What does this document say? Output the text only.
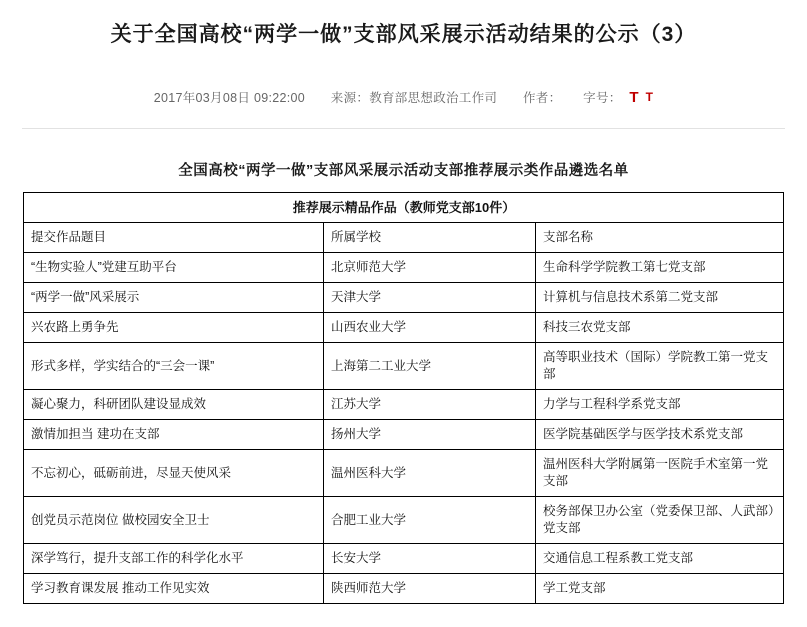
关于全国高校“两学一做”支部风采展示活动结果的公示（3）
2017年03月08日 09:22:00 来源：教育部思想政治工作司 作者： 字号： T T
全国高校“两学一做”支部风采展示活动支部推荐展示类作品遴选名单
推荐展示精品作品（教师党支部10件）		
提交作品题目	所属学校	支部名称
“生物实验人”党建互助平台	北京师范大学	生命科学学院教工第七党支部
“两学一做”风采展示	天津大学	计算机与信息技术系第二党支部
兴农路上勇争先	山西农业大学	科技三农党支部
形式多样，学实结合的“三会一课”	上海第二工业大学	高等职业技术（国际）学院教工第一党支部
凝心聚力，科研团队建设显成效	江苏大学	力学与工程科学系党支部
激情加担当 建功在支部	扬州大学	医学院基础医学与医学技术系党支部
不忘初心，砥砺前进，尽显天使风采	温州医科大学	温州医科大学附属第一医院手术室第一党支部
创党员示范岗位 做校园安全卫士	合肥工业大学	校务部保卫办公室（党委保卫部、人武部）党支部
深学笃行，提升支部工作的科学化水平	长安大学	交通信息工程系教工党支部
学习教育课发展 推动工作见实效	陕西师范大学	学工党支部
